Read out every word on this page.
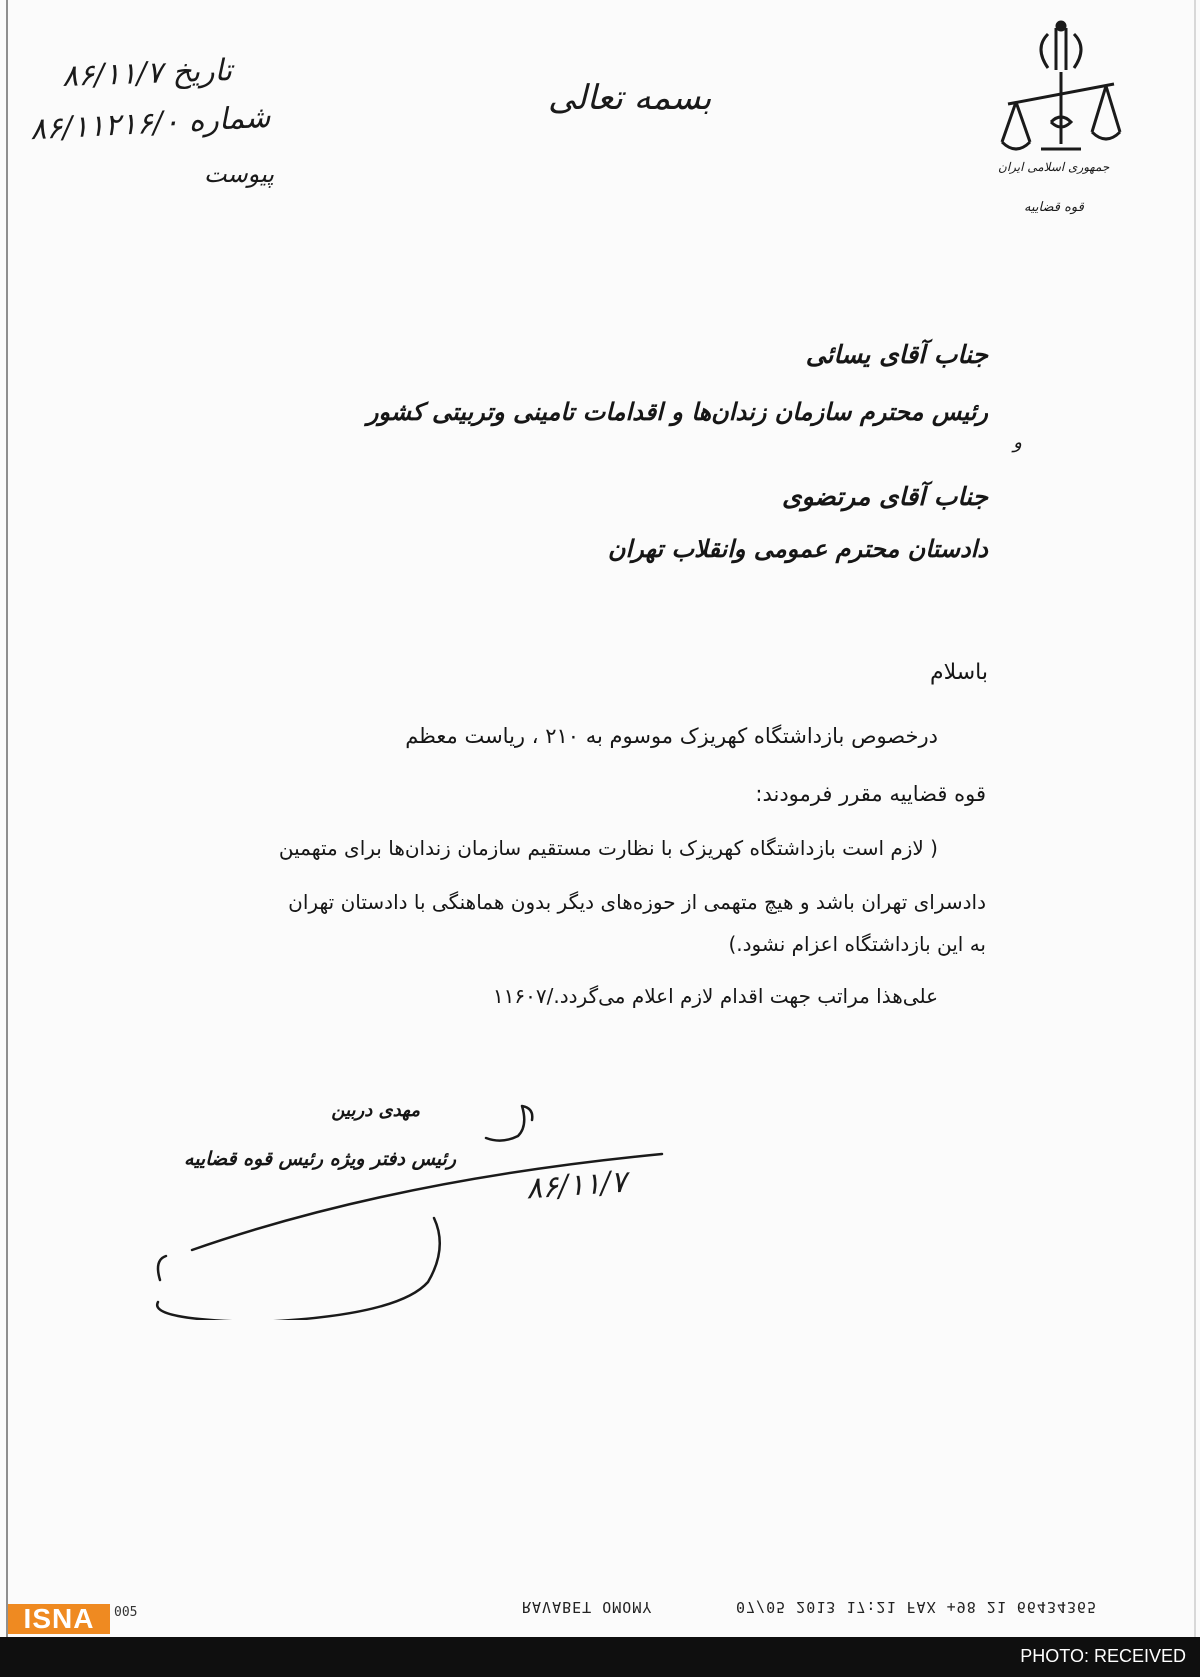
جمهوری اسلامی ایران
قوه قضاییه
تاریخ ۸۶/۱۱/۷
شماره ۸۶/۱۱۲۱۶/۰
پیوست
بسمه تعالی
جناب آقای یسائی
رئیس محترم سازمان زندان‌ها و اقدامات تامینی وتربیتی کشور
و
جناب آقای مرتضوی
دادستان محترم عمومی وانقلاب تهران
باسلام
درخصوص بازداشتگاه کهریزک موسوم به ۲۱۰ ، ریاست معظم
قوه قضاییه مقرر فرمودند:
( لازم است بازداشتگاه کهریزک با نظارت مستقیم سازمان زندان‌ها برای متهمین
دادسرای تهران باشد و هیچ متهمی از حوزه‌های دیگر بدون هماهنگی با دادستان تهران
به این بازداشتگاه اعزام نشود.)
علی‌هذا مراتب جهت اقدام لازم اعلام می‌گردد./۱۱۶۰۷
مهدی دربین
رئیس دفتر ویژه رئیس قوه قضاییه
۸۶/۱۱/۷
07/05 2013 17:21 FAX +98 21 66434365
RAVABET OMOMY
PHOTO: RECEIVED
ISNA	005
